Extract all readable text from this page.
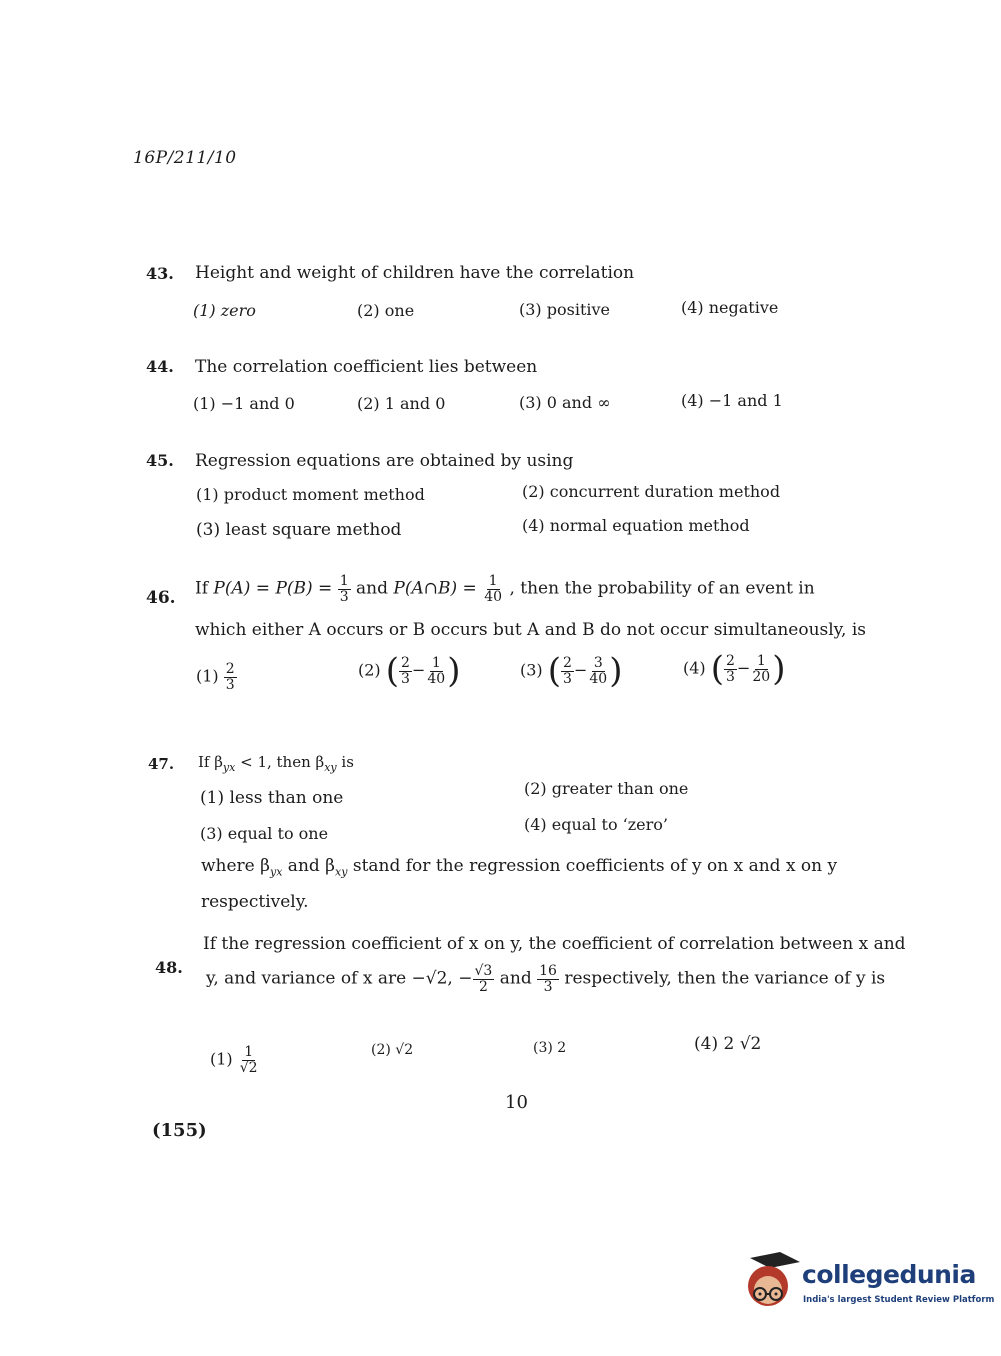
16P/211/10
43. Height and weight of children have the correlation
(1) zero	(2) one	(3) positive	(4) negative
44. The correlation coefficient lies between
(1) −1 and 0	(2) 1 and 0	(3) 0 and ∞	(4) −1 and 1
45. Regression equations are obtained by using
(1) product moment method	(2) concurrent duration method
(3) least square method	(4) normal equation method
46. If $P(A) = P(B) = \frac{1}{3}$ and P(A∩B) = $\frac{1}{40}$ , then the probability of an event in
which either A occurs or B occurs but A and B do not occur simultaneously, is
$(1) \frac{2}{3}$	(2) ( $\frac{2}{3} - \frac{1}{40}$ )	(3) ( $\frac{2}{3} - \frac{3}{40}$ )	(4) ( $\frac{2}{3} - \frac{1}{20}$ )
47. If $\beta_{yx} < 1$, then $\beta_{xy}$ is
(1) less than one	(2) greater than one
(3) equal to one	(4) equal to ‘zero’
where $\beta_{yx}$ and $\beta_{xy}$ stand for the regression coefficients of y on x and x on y
respectively.
48.
If the regression coefficient of x on y, the coefficient of correlation between x and
y, and variance of x are −√2, − $\frac{√3}{2}$ and $\frac{16}{3}$ respectively, then the variance of y is
$(1) \frac{1}{√2}$	(2) √2	(3) 2	(4) 2 √2
10
(155)
collegedunia
India's largest Student Review Platform
